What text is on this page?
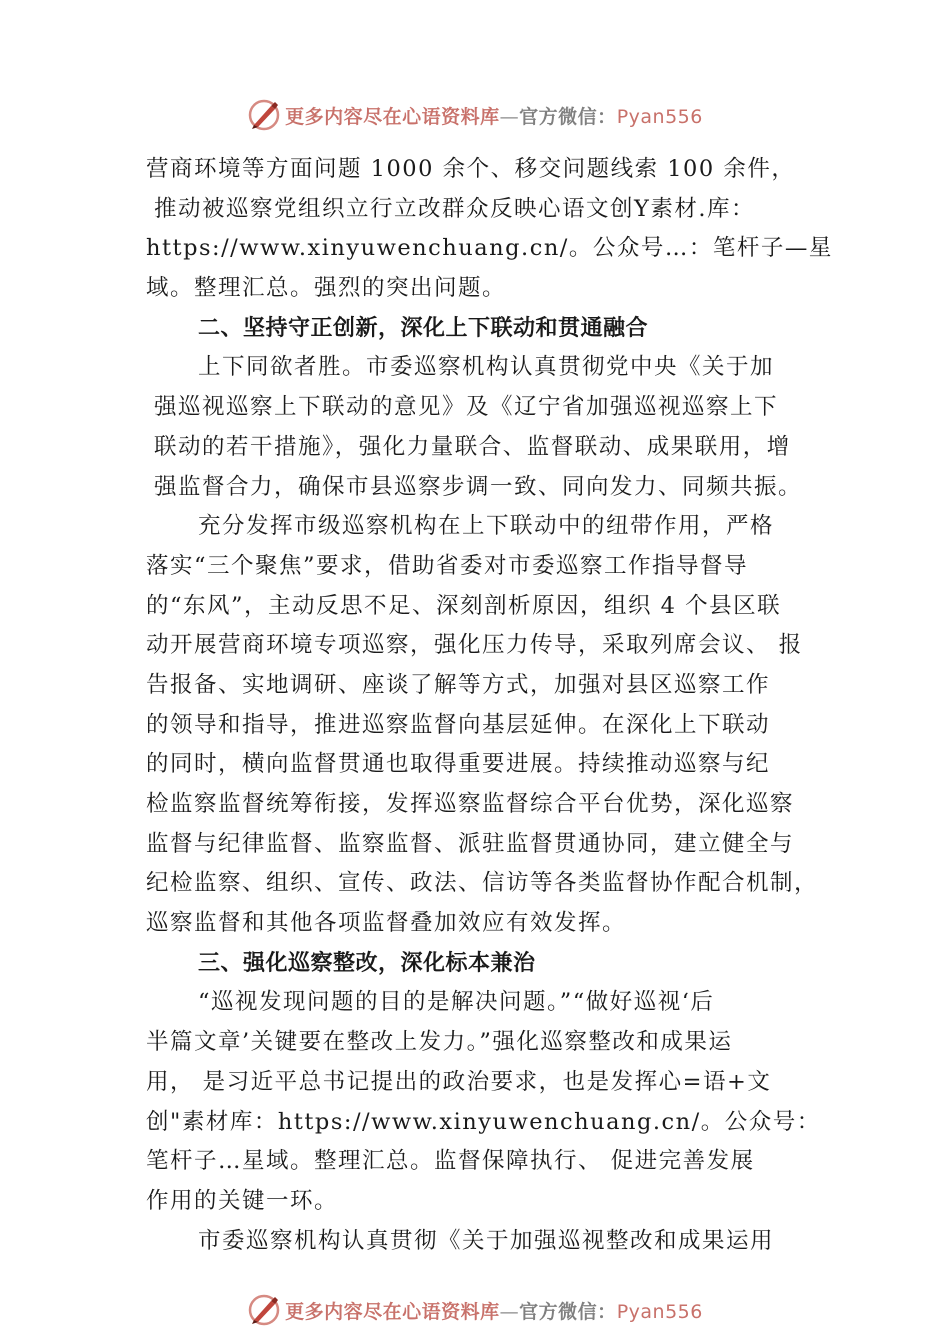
更多内容尽在心语资料库—官方微信：Pyan556
营商环境等方面问题 1000 余个、移交问题线索 100 余件，
推动被巡察党组织立行立改群众反映心语文创Y素材.库：
https://www.xinyuwenchuang.cn/。公众号…：笔杆子—星
域。整理汇总。强烈的突出问题。
二、坚持守正创新，深化上下联动和贯通融合
上下同欲者胜。市委巡察机构认真贯彻党中央《关于加
强巡视巡察上下联动的意见》及《辽宁省加强巡视巡察上下
联动的若干措施》，强化力量联合、监督联动、成果联用，增
强监督合力，确保市县巡察步调一致、同向发力、同频共振。
充分发挥市级巡察机构在上下联动中的纽带作用，严格
落实“三个聚焦”要求，借助省委对市委巡察工作指导督导
的“东风”，主动反思不足、深刻剖析原因，组织 4 个县区联
动开展营商环境专项巡察，强化压力传导，采取列席会议、 报
告报备、实地调研、座谈了解等方式，加强对县区巡察工作
的领导和指导，推进巡察监督向基层延伸。在深化上下联动
的同时，横向监督贯通也取得重要进展。持续推动巡察与纪
检监察监督统筹衔接，发挥巡察监督综合平台优势，深化巡察
监督与纪律监督、监察监督、派驻监督贯通协同，建立健全与
纪检监察、组织、宣传、政法、信访等各类监督协作配合机制，
巡察监督和其他各项监督叠加效应有效发挥。
三、强化巡察整改，深化标本兼治
“巡视发现问题的目的是解决问题。”“做好巡视‘后
半篇文章’关键要在整改上发力。”强化巡察整改和成果运
用， 是习近平总书记提出的政治要求，也是发挥心=语+文
创"素材库：https://www.xinyuwenchuang.cn/。公众号：
笔杆子…星域。整理汇总。监督保障执行、 促进完善发展
作用的关键一环。
市委巡察机构认真贯彻《关于加强巡视整改和成果运用
更多内容尽在心语资料库—官方微信：Pyan556
